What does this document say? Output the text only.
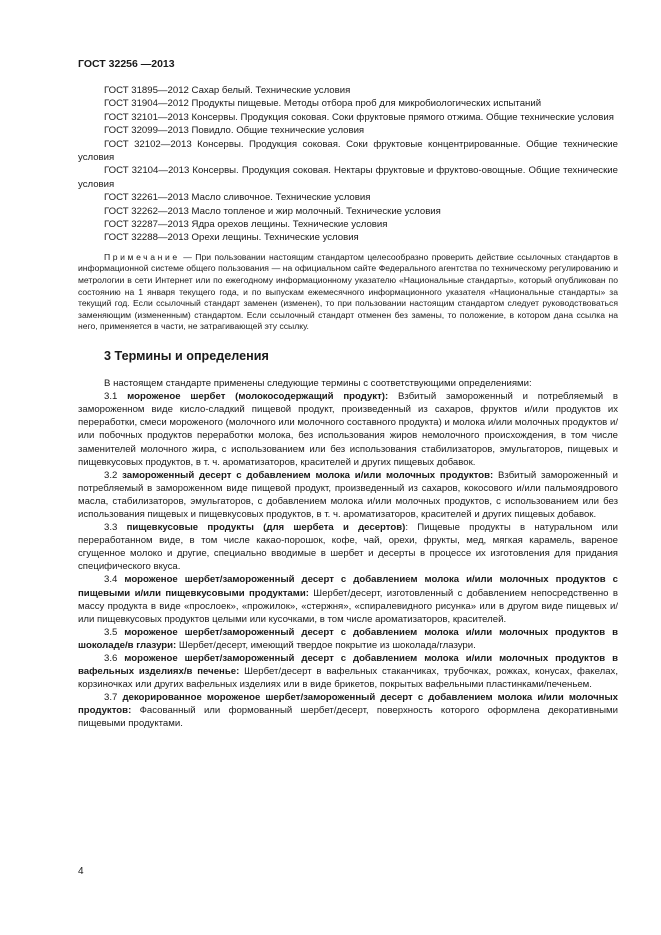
ГОСТ 32256 —2013

ГОСТ 31895—2012 Сахар белый. Технические условия

ГОСТ 31904—2012 Продукты пищевые. Методы отбора проб для микробиологических испытаний

ГОСТ 32101—2013 Консервы. Продукция соковая. Соки фруктовые прямого отжима. Общие технические условия

ГОСТ 32099—2013 Повидло. Общие технические условия

ГОСТ 32102—2013 Консервы. Продукция соковая. Соки фруктовые концентрированные. Общие технические условия

ГОСТ 32104—2013 Консервы. Продукция соковая. Нектары фруктовые и фруктово-овощные. Общие технические условия

ГОСТ 32261—2013 Масло сливочное. Технические условия

ГОСТ 32262—2013 Масло топленое и жир молочный. Технические условия

ГОСТ 32287—2013 Ядра орехов лещины. Технические условия

ГОСТ 32288—2013 Орехи лещины. Технические условия

Примечание — При пользовании настоящим стандартом целесообразно проверить действие ссылочных стандартов в информационной системе общего пользования — на официальном сайте Федерального агентства по техническому регулированию и метрологии в сети Интернет или по ежегодному информационному указателю «Национальные стандарты», который опубликован по состоянию на 1 января текущего года, и по выпускам ежемесячного информационного указателя «Национальные стандарты» за текущий год. Если ссылочный стандарт заменен (изменен), то при пользовании настоящим стандартом следует руководствоваться заменяющим (измененным) стандартом. Если ссылочный стандарт отменен без замены, то положение, в котором дана ссылка на него, применяется в части, не затрагивающей эту ссылку.

3 Термины и определения

В настоящем стандарте применены следующие термины с соответствующими определениями:

3.1 мороженое шербет (молокосодержащий продукт): Взбитый замороженный и потребляемый в замороженном виде кисло-сладкий пищевой продукт, произведенный из сахаров, фруктов и/или продуктов их переработки, смеси мороженого (молочного или молочного составного продукта) и молока и/или молочных продуктов и/или побочных продуктов переработки молока, без использования жиров немолочного происхождения, в том числе заменителей молочного жира, с использованием или без использования стабилизаторов, эмульгаторов, пищевых и пищевкусовых продуктов, в т. ч. ароматизаторов, красителей и других пищевых добавок.

3.2 замороженный десерт с добавлением молока и/или молочных продуктов: Взбитый замороженный и потребляемый в замороженном виде пищевой продукт, произведенный из сахаров, кокосового и/или пальмоядрового масла, стабилизаторов, эмульгаторов, с добавлением молока и/или молочных продуктов, с использованием или без использования пищевых и пищевкусовых продуктов, в т. ч. ароматизаторов, красителей и других пищевых добавок.

3.3 пищевкусовые продукты (для шербета и десертов): Пищевые продукты в натуральном или переработанном виде, в том числе какао-порошок, кофе, чай, орехи, фрукты, мед, мягкая карамель, вареное сгущенное молоко и другие, специально вводимые в шербет и десерты в процессе их изготовления для придания специфического вкуса.

3.4 мороженое шербет/замороженный десерт с добавлением молока и/или молочных продуктов с пищевыми и/или пищевкусовыми продуктами: Шербет/десерт, изготовленный с добавлением непосредственно в массу продукта в виде «прослоек», «прожилок», «стержня», «спиралевидного рисунка» или в другом виде пищевых и/или пищевкусовых продуктов целыми или кусочками, в том числе ароматизаторов, красителей.

3.5 мороженое шербет/замороженный десерт с добавлением молока и/или молочных продуктов в шоколаде/в глазури: Шербет/десерт, имеющий твердое покрытие из шоколада/глазури.

3.6 мороженое шербет/замороженный десерт с добавлением молока и/или молочных продуктов в вафельных изделиях/в печенье: Шербет/десерт в вафельных стаканчиках, трубочках, рожках, конусах, факелах, корзиночках или других вафельных изделиях или в виде брикетов, покрытых вафельными пластинками/печеньем.

3.7 декорированное мороженое шербет/замороженный десерт с добавлением молока и/или молочных продуктов: Фасованный или формованный шербет/десерт, поверхность которого оформлена декоративными пищевыми продуктами.

4
